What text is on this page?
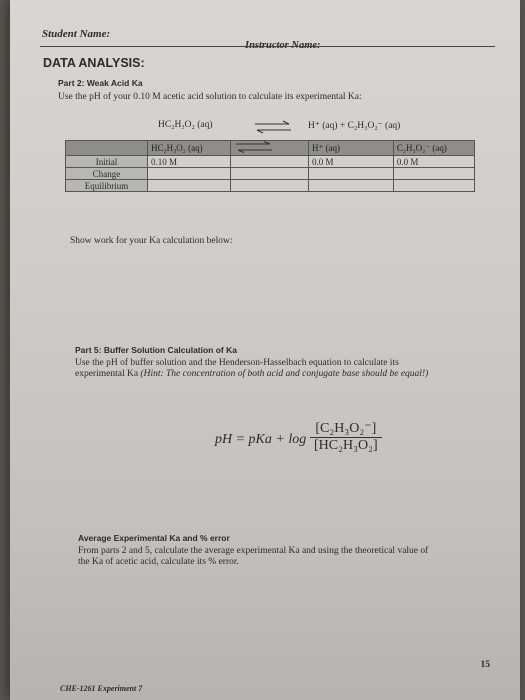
Student Name:
Instructor Name:
DATA ANALYSIS:
Part 2: Weak Acid Ka
Use the pH of your 0.10 M acetic acid solution to calculate its experimental Ka:
HC₂H₃O₂ (aq)	H⁺ (aq) + C₂H₃O₂⁻ (aq)
	HC₂H₃O₂ (aq)		H⁺ (aq)	C₂H₃O₂⁻ (aq)
Initial	0.10 M		0.0 M	0.0 M
Change				
Equilibrium				
Show work for your Ka calculation below:
Part 5: Buffer Solution Calculation of Ka
Use the pH of buffer solution and the Henderson-Hasselbach equation to calculate its
experimental Ka (Hint: The concentration of both acid and conjugate base should be equal!)
pH = pKa + $\log \frac{\text{[C₂H₃O₂⁻]}}{\text{[HC₂H₃O₂]}}$
Average Experimental Ka and % error
From parts 2 and 5, calculate the average experimental Ka and using the theoretical value of
the Ka of acetic acid, calculate its % error.
15
CHE-1261 Experiment 7
